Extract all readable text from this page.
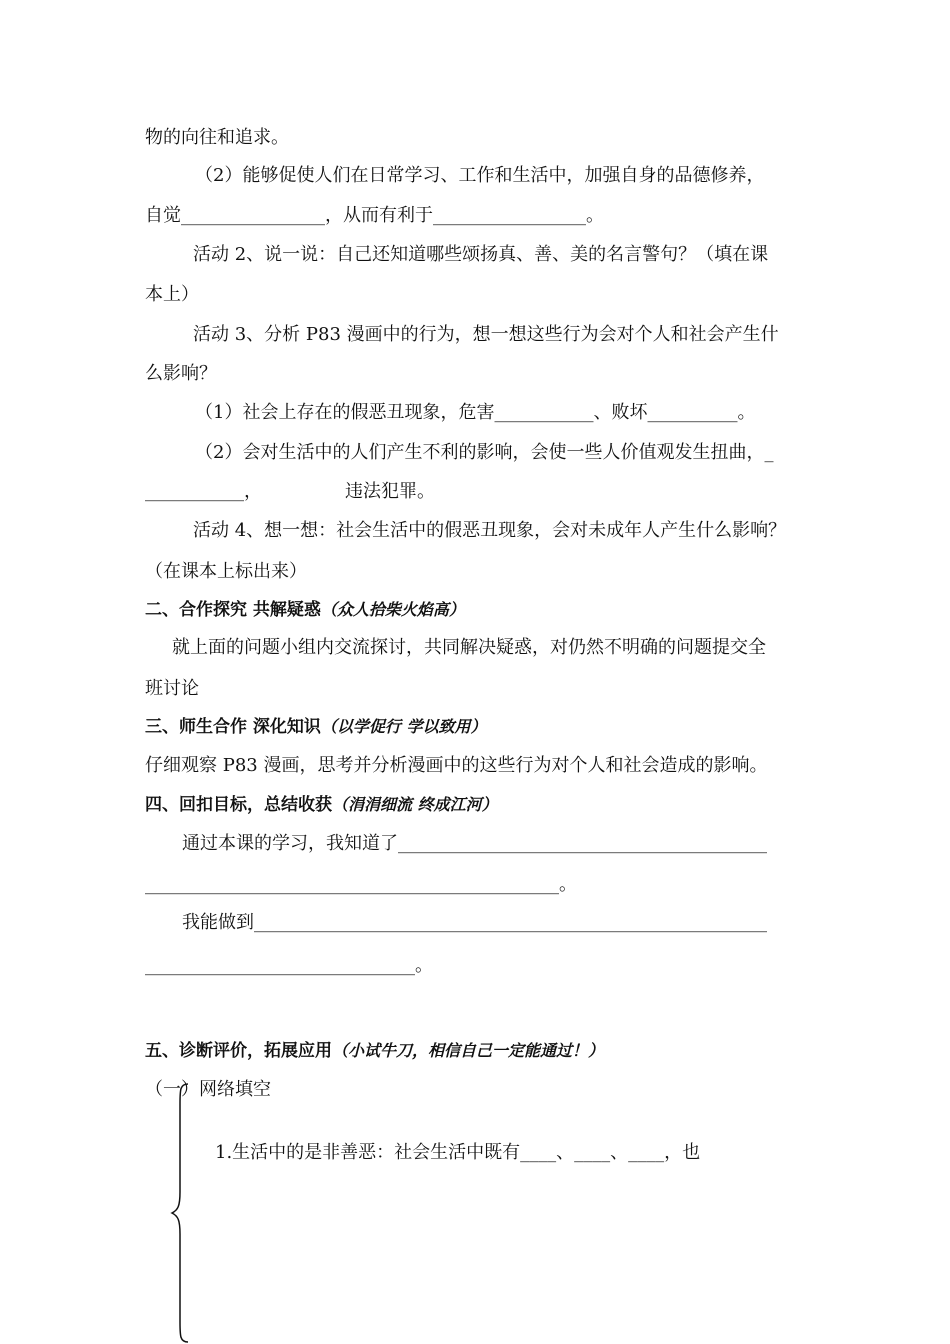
物的向往和追求。
（2）能够促使人们在日常学习、工作和生活中，加强自身的品德修养，
自觉________________，从而有利于_________________。
活动 2、说一说：自己还知道哪些颂扬真、善、美的名言警句？（填在课
本上）
活动 3、分析 P83 漫画中的行为，想一想这些行为会对个人和社会产生什
么影响？
（1）社会上存在的假恶丑现象，危害___________、败坏__________。
（2）会对生活中的人们产生不利的影响，会使一些人价值观发生扭曲，_
___________，	违法犯罪。
活动 4、想一想：社会生活中的假恶丑现象，会对未成年人产生什么影响？
（在课本上标出来）
二、合作探究 共解疑惑（众人拾柴火焰高）
就上面的问题小组内交流探讨，共同解决疑惑，对仍然不明确的问题提交全
班讨论
三、师生合作 深化知识（以学促行 学以致用）
仔细观察 P83 漫画，思考并分析漫画中的这些行为对个人和社会造成的影响。
四、回扣目标，总结收获（涓涓细流 终成江河）
通过本课的学习，我知道了_________________________________________
______________________________________________。
我能做到_________________________________________________________
______________________________。
五、诊断评价，拓展应用（小试牛刀，相信自己一定能通过！）
（一）网络填空
1.生活中的是非善恶：社会生活中既有____、____、____，也
